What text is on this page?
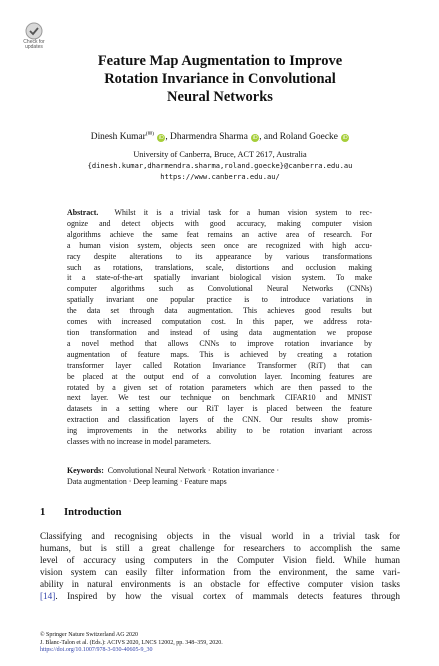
Check for
updates
Feature Map Augmentation to Improve
Rotation Invariance in Convolutional
Neural Networks
Dinesh Kumar(✉) iD , Dharmendra Sharma iD , and Roland Goecke iD
University of Canberra, Bruce, ACT 2617, Australia
{dinesh.kumar,dharmendra.sharma,roland.goecke}@canberra.edu.au
https://www.canberra.edu.au/
Abstract. Whilst it is a trivial task for a human vision system to rec-
ognize and detect objects with good accuracy, making computer vision
algorithms achieve the same feat remains an active area of research. For
a human vision system, objects seen once are recognized with high accu-
racy despite alterations to its appearance by various transformations
such as rotations, translations, scale, distortions and occlusion making
it a state-of-the-art spatially invariant biological vision system. To make
computer algorithms such as Convolutional Neural Networks (CNNs)
spatially invariant one popular practice is to introduce variations in
the data set through data augmentation. This achieves good results but
comes with increased computation cost. In this paper, we address rota-
tion transformation and instead of using data augmentation we propose
a novel method that allows CNNs to improve rotation invariance by
augmentation of feature maps. This is achieved by creating a rotation
transformer layer called Rotation Invariance Transformer (RiT) that can
be placed at the output end of a convolution layer. Incoming features are
rotated by a given set of rotation parameters which are then passed to the
next layer. We test our technique on benchmark CIFAR10 and MNIST
datasets in a setting where our RiT layer is placed between the feature
extraction and classification layers of the CNN. Our results show promis-
ing improvements in the networks ability to be rotation invariant across
classes with no increase in model parameters.
Keywords: Convolutional Neural Network · Rotation invariance ·
Data augmentation · Deep learning · Feature maps
1 Introduction
Classifying and recognising objects in the visual world in a trivial task for
humans, but is still a great challenge for researchers to accomplish the same
level of accuracy using computers in the Computer Vision field. While human
vision system can easily filter information from the environment, the same vari-
ability in natural environments is an obstacle for effective computer vision tasks
[14]. Inspired by how the visual cortex of mammals detects features through
© Springer Nature Switzerland AG 2020
J. Blanc-Talon et al. (Eds.): ACIVS 2020, LNCS 12002, pp. 348–359, 2020.
https://doi.org/10.1007/978-3-030-40605-9_30
